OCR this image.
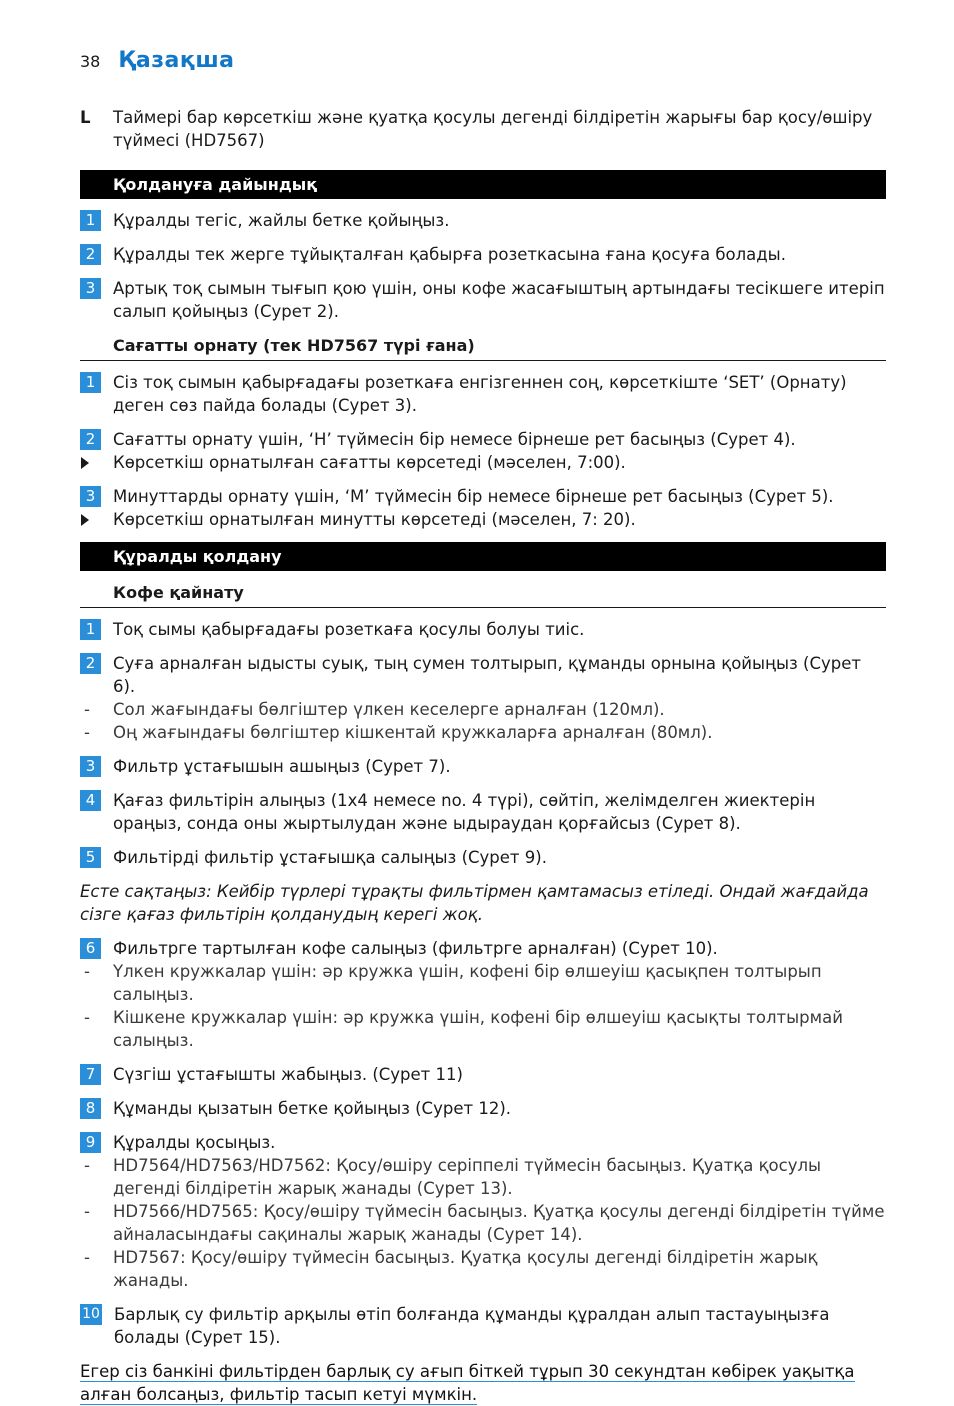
38 Қазақша
L	Таймері бар көрсеткіш және қуатқа қосулы дегенді білдіретін жарығы бар қосу/өшіру түймесі (HD7567)
Қолдануға дайындық
1	Құралды тегіс, жайлы бетке қойыңыз.
2	Құралды тек жерге тұйықталған қабырға розеткасына ғана қосуға болады.
3	Артық тоқ сымын тығып қою үшін, оны кофе жасағыштың артындағы тесікшеге итеріп салып қойыңыз (Сурет 2).
Сағатты орнату (тек HD7567 түрі ғана)
1	Сіз тоқ сымын қабырғадағы розеткаға енгізгеннен соң, көрсеткіште ‘SET’ (Орнату) деген сөз пайда болады (Сурет 3).
2	Сағатты орнату үшін, ‘H’ түймесін бір немесе бірнеше рет басыңыз (Сурет 4).
Көрсеткіш орнатылған сағатты көрсетеді (мәселен, 7:00).
3	Минуттарды орнату үшін, ‘M’ түймесін бір немесе бірнеше рет басыңыз (Сурет 5).
Көрсеткіш орнатылған минутты көрсетеді (мәселен, 7: 20).
Құралды қолдану
Кофе қайнату
1	Тоқ сымы қабырғадағы розеткаға қосулы болуы тиіс.
2	Суға арналған ыдысты суық, тың сумен толтырып, құманды орнына қойыңыз (Сурет 6).
-	Сол жағындағы бөлгіштер үлкен кеселерге арналған (120мл).
-	Оң жағындағы бөлгіштер кішкентай кружкаларға арналған (80мл).
3	Фильтр ұстағышын ашыңыз (Сурет 7).
4	Қағаз фильтірін алыңыз (1x4 немесе no. 4 түрі), сөйтіп, желімделген жиектерін ораңыз, сонда оны жыртылудан және ыдыраудан қорғайсыз (Сурет 8).
5	Фильтірді фильтір ұстағышқа салыңыз (Сурет 9).
Есте сақтаңыз: Кейбір түрлері тұрақты фильтірмен қамтамасыз етіледі. Ондай жағдайда сізге қағаз фильтірін қолданудың керегі жоқ.
6	Фильтрге тартылған кофе салыңыз (фильтрге арналған) (Сурет 10).
-	Үлкен кружкалар үшін: әр кружка үшін, кофені бір өлшеуіш қасықпен толтырып салыңыз.
-	Кішкене кружкалар үшін: әр кружка үшін, кофені бір өлшеуіш қасықты толтырмай салыңыз.
7	Сүзгіш ұстағышты жабыңыз. (Сурет 11)
8	Құманды қызатын бетке қойыңыз (Сурет 12).
9	Құралды қосыңыз.
-	HD7564/HD7563/HD7562: Қосу/өшіру серіппелі түймесін басыңыз. Қуатқа қосулы дегенді білдіретін жарық жанады (Сурет 13).
-	HD7566/HD7565: Қосу/өшіру түймесін басыңыз. Қуатқа қосулы дегенді білдіретін түйме айналасындағы сақиналы жарық жанады (Сурет 14).
-	HD7567: Қосу/өшіру түймесін басыңыз. Қуатқа қосулы дегенді білдіретін жарық жанады.
10 Барлық су фильтір арқылы өтіп болғанда құманды құралдан алып тастауыңызға болады (Сурет 15).
Егер сіз банкіні фильтірден барлық су ағып біткей тұрып 30 секундтан көбірек уақытқа алған болсаңыз, фильтір тасып кетуі мүмкін.
